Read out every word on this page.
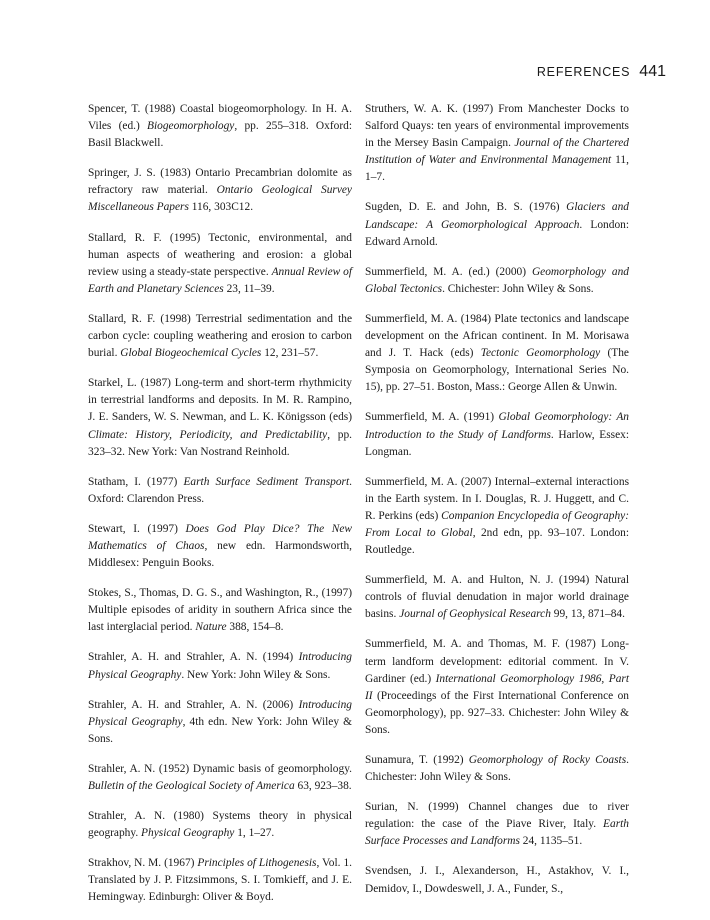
REFERENCES 441

Spencer, T. (1988) Coastal biogeomorphology. In H. A. Viles (ed.) Biogeomorphology, pp. 255–318. Oxford: Basil Blackwell.

Springer, J. S. (1983) Ontario Precambrian dolomite as refractory raw material. Ontario Geological Survey Miscellaneous Papers 116, 303C12.

Stallard, R. F. (1995) Tectonic, environmental, and human aspects of weathering and erosion: a global review using a steady-state perspective. Annual Review of Earth and Planetary Sciences 23, 11–39.

Stallard, R. F. (1998) Terrestrial sedimentation and the carbon cycle: coupling weathering and erosion to carbon burial. Global Biogeochemical Cycles 12, 231–57.

Starkel, L. (1987) Long-term and short-term rhythmicity in terrestrial landforms and deposits. In M. R. Rampino, J. E. Sanders, W. S. Newman, and L. K. Königsson (eds) Climate: History, Periodicity, and Predictability, pp. 323–32. New York: Van Nostrand Reinhold.

Statham, I. (1977) Earth Surface Sediment Transport. Oxford: Clarendon Press.

Stewart, I. (1997) Does God Play Dice? The New Mathematics of Chaos, new edn. Harmondsworth, Middlesex: Penguin Books.

Stokes, S., Thomas, D. G. S., and Washington, R., (1997) Multiple episodes of aridity in southern Africa since the last interglacial period. Nature 388, 154–8.

Strahler, A. H. and Strahler, A. N. (1994) Introducing Physical Geography. New York: John Wiley & Sons.

Strahler, A. H. and Strahler, A. N. (2006) Introducing Physical Geography, 4th edn. New York: John Wiley & Sons.

Strahler, A. N. (1952) Dynamic basis of geomorphology. Bulletin of the Geological Society of America 63, 923–38.

Strahler, A. N. (1980) Systems theory in physical geography. Physical Geography 1, 1–27.

Strakhov, N. M. (1967) Principles of Lithogenesis, Vol. 1. Translated by J. P. Fitzsimmons, S. I. Tomkieff, and J. E. Hemingway. Edinburgh: Oliver & Boyd.

Struthers, W. A. K. (1997) From Manchester Docks to Salford Quays: ten years of environmental improvements in the Mersey Basin Campaign. Journal of the Chartered Institution of Water and Environmental Management 11, 1–7.

Sugden, D. E. and John, B. S. (1976) Glaciers and Landscape: A Geomorphological Approach. London: Edward Arnold.

Summerfield, M. A. (ed.) (2000) Geomorphology and Global Tectonics. Chichester: John Wiley & Sons.

Summerfield, M. A. (1984) Plate tectonics and landscape development on the African continent. In M. Morisawa and J. T. Hack (eds) Tectonic Geomorphology (The Symposia on Geomorphology, International Series No. 15), pp. 27–51. Boston, Mass.: George Allen & Unwin.

Summerfield, M. A. (1991) Global Geomorphology: An Introduction to the Study of Landforms. Harlow, Essex: Longman.

Summerfield, M. A. (2007) Internal–external interactions in the Earth system. In I. Douglas, R. J. Huggett, and C. R. Perkins (eds) Companion Encyclopedia of Geography: From Local to Global, 2nd edn, pp. 93–107. London: Routledge.

Summerfield, M. A. and Hulton, N. J. (1994) Natural controls of fluvial denudation in major world drainage basins. Journal of Geophysical Research 99, 13, 871–84.

Summerfield, M. A. and Thomas, M. F. (1987) Long-term landform development: editorial comment. In V. Gardiner (ed.) International Geomorphology 1986, Part II (Proceedings of the First International Conference on Geomorphology), pp. 927–33. Chichester: John Wiley & Sons.

Sunamura, T. (1992) Geomorphology of Rocky Coasts. Chichester: John Wiley & Sons.

Surian, N. (1999) Channel changes due to river regulation: the case of the Piave River, Italy. Earth Surface Processes and Landforms 24, 1135–51.

Svendsen, J. I., Alexanderson, H., Astakhov, V. I., Demidov, I., Dowdeswell, J. A., Funder, S.,
